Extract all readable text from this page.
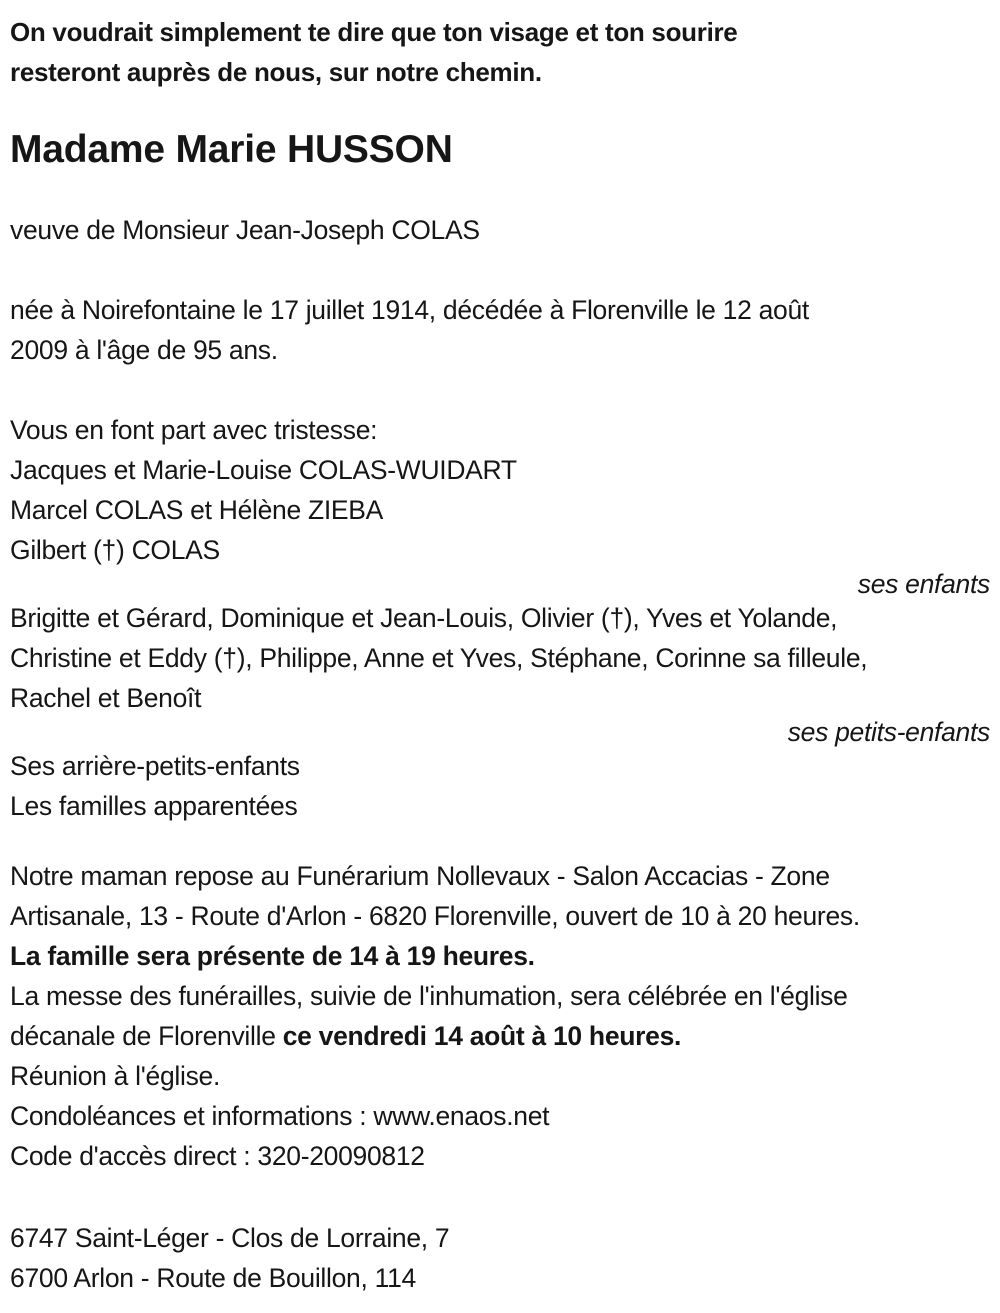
On voudrait simplement te dire que ton visage et ton sourire
resteront auprès de nous, sur notre chemin.
Madame Marie HUSSON
veuve de Monsieur Jean-Joseph COLAS
née à Noirefontaine le 17 juillet 1914, décédée à Florenville le 12 août
2009 à l'âge de 95 ans.
Vous en font part avec tristesse:
Jacques et Marie-Louise COLAS-WUIDART
Marcel COLAS et Hélène ZIEBA
Gilbert (†) COLAS
ses enfants
Brigitte et Gérard, Dominique et Jean-Louis, Olivier (†), Yves et Yolande,
Christine et Eddy (†), Philippe, Anne et Yves, Stéphane, Corinne sa filleule,
Rachel et Benoît
ses petits-enfants
Ses arrière-petits-enfants
Les familles apparentées
Notre maman repose au Funérarium Nollevaux - Salon Accacias - Zone
Artisanale, 13 - Route d'Arlon - 6820 Florenville, ouvert de 10 à 20 heures.
La famille sera présente de 14 à 19 heures.
La messe des funérailles, suivie de l'inhumation, sera célébrée en l'église
décanale de Florenville ce vendredi 14 août à 10 heures.
Réunion à l'église.
Condoléances et informations : www.enaos.net
Code d'accès direct : 320-20090812
6747 Saint-Léger - Clos de Lorraine, 7
6700 Arlon - Route de Bouillon, 114
